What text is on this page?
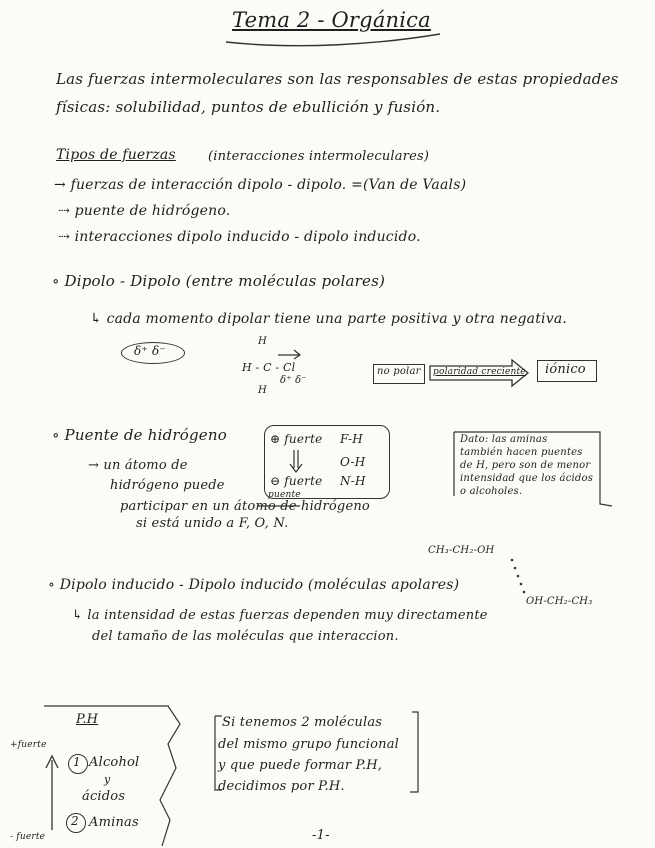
Tema 2 - Orgánica
Las fuerzas intermoleculares son las responsables de estas propiedades
físicas: solubilidad, puntos de ebullición y fusión.
Tipos de fuerzas (interacciones intermoleculares)
→ fuerzas de interacción dipolo - dipolo. =(Van de Vaals)
⇢ puente de hidrógeno.
⇢ interacciones dipolo inducido - dipolo inducido.
∘ Dipolo - Dipolo (entre moléculas polares)
↳ cada momento dipolar tiene una parte positiva y otra negativa.
δ⁺ δ⁻
H
H - C - Cl
H
δ⁺ δ⁻
no polar polaridad creciente iónico
∘ Puente de hidrógeno
→ un átomo de
hidrógeno puede
participar en un átomo de hidrógeno
puente
si está unido a F, O, N.
⊕ fuerte F-H
O-H
⊖ fuerte N-H
Dato: las aminas
también hacen puentes
de H, pero son de menor
intensidad que los ácidos
o alcoholes.
CH₃-CH₂-OH
OH-CH₂-CH₃
∘ Dipolo inducido - Dipolo inducido (moléculas apolares)
↳ la intensidad de estas fuerzas dependen muy directamente
del tamaño de las moléculas que interaccion.
P.H
+fuerte
1 Alcohol
y
ácidos
2 Aminas
- fuerte
Si tenemos 2 moléculas
del mismo grupo funcional
y que puede formar P.H,
decidimos por P.H.
-1-
